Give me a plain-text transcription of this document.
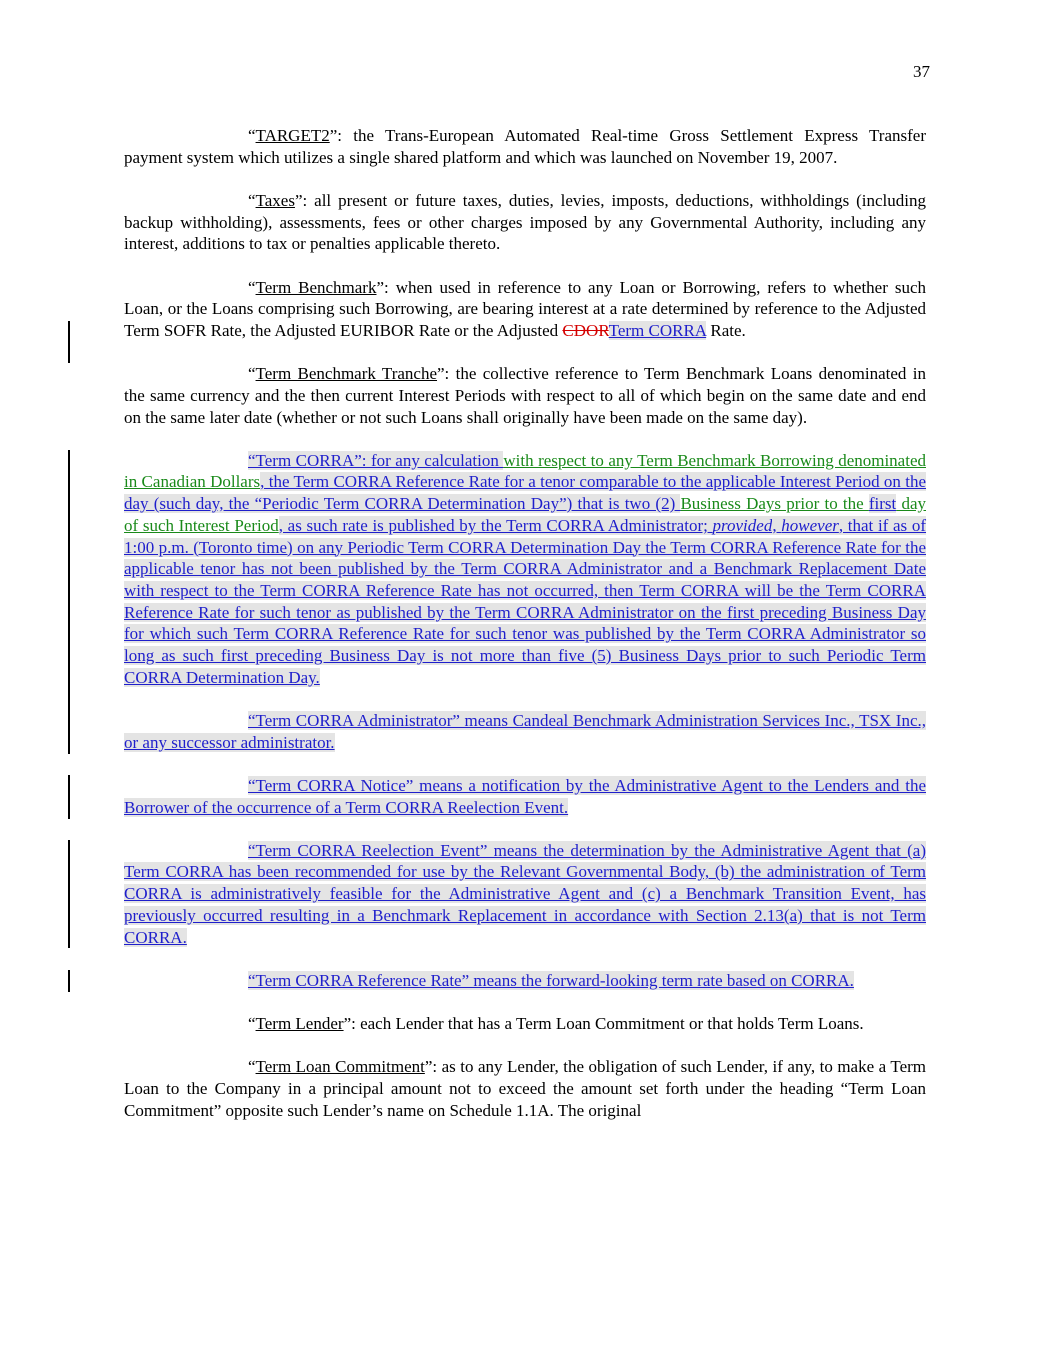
37

“TARGET2”: the Trans-European Automated Real-time Gross Settlement Express Transfer payment system which utilizes a single shared platform and which was launched on November 19, 2007.

“Taxes”: all present or future taxes, duties, levies, imposts, deductions, withholdings (including backup withholding), assessments, fees or other charges imposed by any Governmental Authority, including any interest, additions to tax or penalties applicable thereto.

“Term Benchmark”: when used in reference to any Loan or Borrowing, refers to whether such Loan, or the Loans comprising such Borrowing, are bearing interest at a rate determined by reference to the Adjusted Term SOFR Rate, the Adjusted EURIBOR Rate or the Adjusted CDORTerm CORRA Rate.

“Term Benchmark Tranche”: the collective reference to Term Benchmark Loans denominated in the same currency and the then current Interest Periods with respect to all of which begin on the same date and end on the same later date (whether or not such Loans shall originally have been made on the same day).

“Term CORRA”: for any calculation with respect to any Term Benchmark Borrowing denominated in Canadian Dollars, the Term CORRA Reference Rate for a tenor comparable to the applicable Interest Period on the day (such day, the “Periodic Term CORRA Determination Day”) that is two (2) Business Days prior to the first day of such Interest Period, as such rate is published by the Term CORRA Administrator; provided, however, that if as of 1:00 p.m. (Toronto time) on any Periodic Term CORRA Determination Day the Term CORRA Reference Rate for the applicable tenor has not been published by the Term CORRA Administrator and a Benchmark Replacement Date with respect to the Term CORRA Reference Rate has not occurred, then Term CORRA will be the Term CORRA Reference Rate for such tenor as published by the Term CORRA Administrator on the first preceding Business Day for which such Term CORRA Reference Rate for such tenor was published by the Term CORRA Administrator so long as such first preceding Business Day is not more than five (5) Business Days prior to such Periodic Term CORRA Determination Day.

“Term CORRA Administrator” means Candeal Benchmark Administration Services Inc., TSX Inc., or any successor administrator.

“Term CORRA Notice” means a notification by the Administrative Agent to the Lenders and the Borrower of the occurrence of a Term CORRA Reelection Event.

“Term CORRA Reelection Event” means the determination by the Administrative Agent that (a) Term CORRA has been recommended for use by the Relevant Governmental Body, (b) the administration of Term CORRA is administratively feasible for the Administrative Agent and (c) a Benchmark Transition Event, has previously occurred resulting in a Benchmark Replacement in accordance with Section 2.13(a) that is not Term CORRA.

“Term CORRA Reference Rate” means the forward-looking term rate based on CORRA.

“Term Lender”: each Lender that has a Term Loan Commitment or that holds Term Loans.

“Term Loan Commitment”: as to any Lender, the obligation of such Lender, if any, to make a Term Loan to the Company in a principal amount not to exceed the amount set forth under the heading “Term Loan Commitment” opposite such Lender’s name on Schedule 1.1A. The original
